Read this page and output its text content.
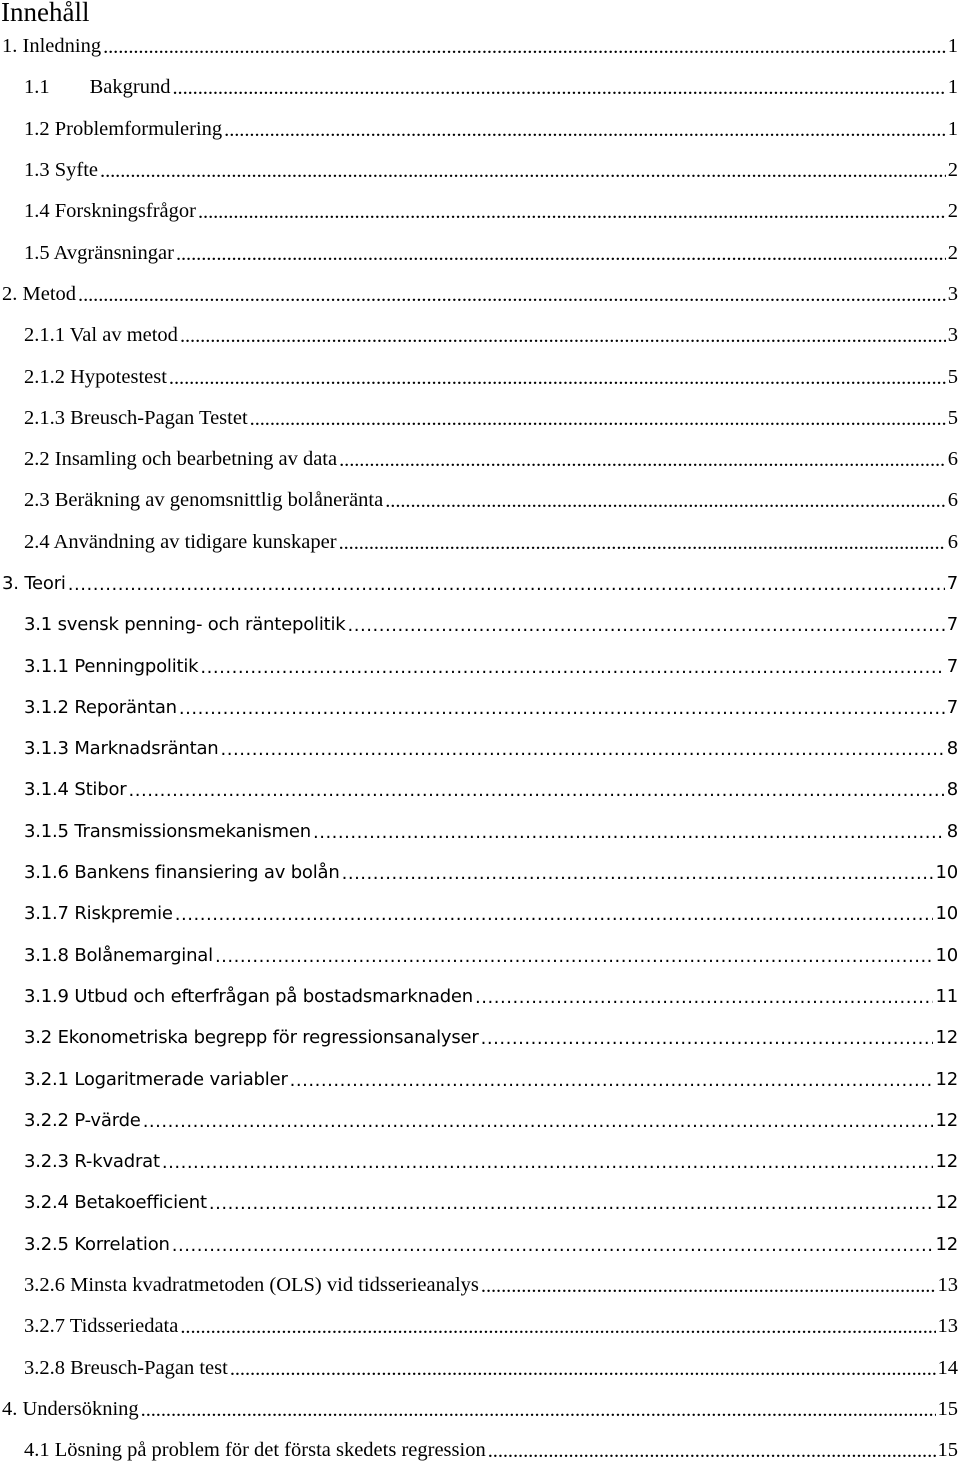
Innehåll
1. Inledning . . .	1
1.1 Bakgrund . . .	1
1.2 Problemformulering . . .	1
1.3 Syfte . . .	2
1.4 Forskningsfrågor . . .	2
1.5 Avgränsningar . . .	2
2. Metod . . .	3
2.1.1 Val av metod . . .	3
2.1.2 Hypotestest . . .	5
2.1.3 Breusch-Pagan Testet . . .	5
2.2 Insamling och bearbetning av data . . .	6
2.3 Beräkning av genomsnittlig bolåneränta . . .	6
2.4 Användning av tidigare kunskaper . . .	6
3. Teori . . .	7
3.1 svensk penning- och räntepolitik . . .	7
3.1.1 Penningpolitik . . .	7
3.1.2 Reporäntan . . .	7
3.1.3 Marknadsräntan . . .	8
3.1.4 Stibor . . .	8
3.1.5 Transmissionsmekanismen . . .	8
3.1.6 Bankens finansiering av bolån . . .	10
3.1.7 Riskpremie . . .	10
3.1.8 Bolånemarginal . . .	10
3.1.9 Utbud och efterfrågan på bostadsmarknaden . . .	11
3.2 Ekonometriska begrepp för regressionsanalyser . . .	12
3.2.1 Logaritmerade variabler . . .	12
3.2.2 P-värde . . .	12
3.2.3 R-kvadrat . . .	12
3.2.4 Betakoefficient . . .	12
3.2.5 Korrelation . . .	12
3.2.6 Minsta kvadratmetoden (OLS) vid tidsserieanalys . . .	13
3.2.7 Tidsseriedata . . .	13
3.2.8 Breusch-Pagan test . . .	14
4. Undersökning . . .	15
4.1 Lösning på problem för det första skedets regression . . .	15
